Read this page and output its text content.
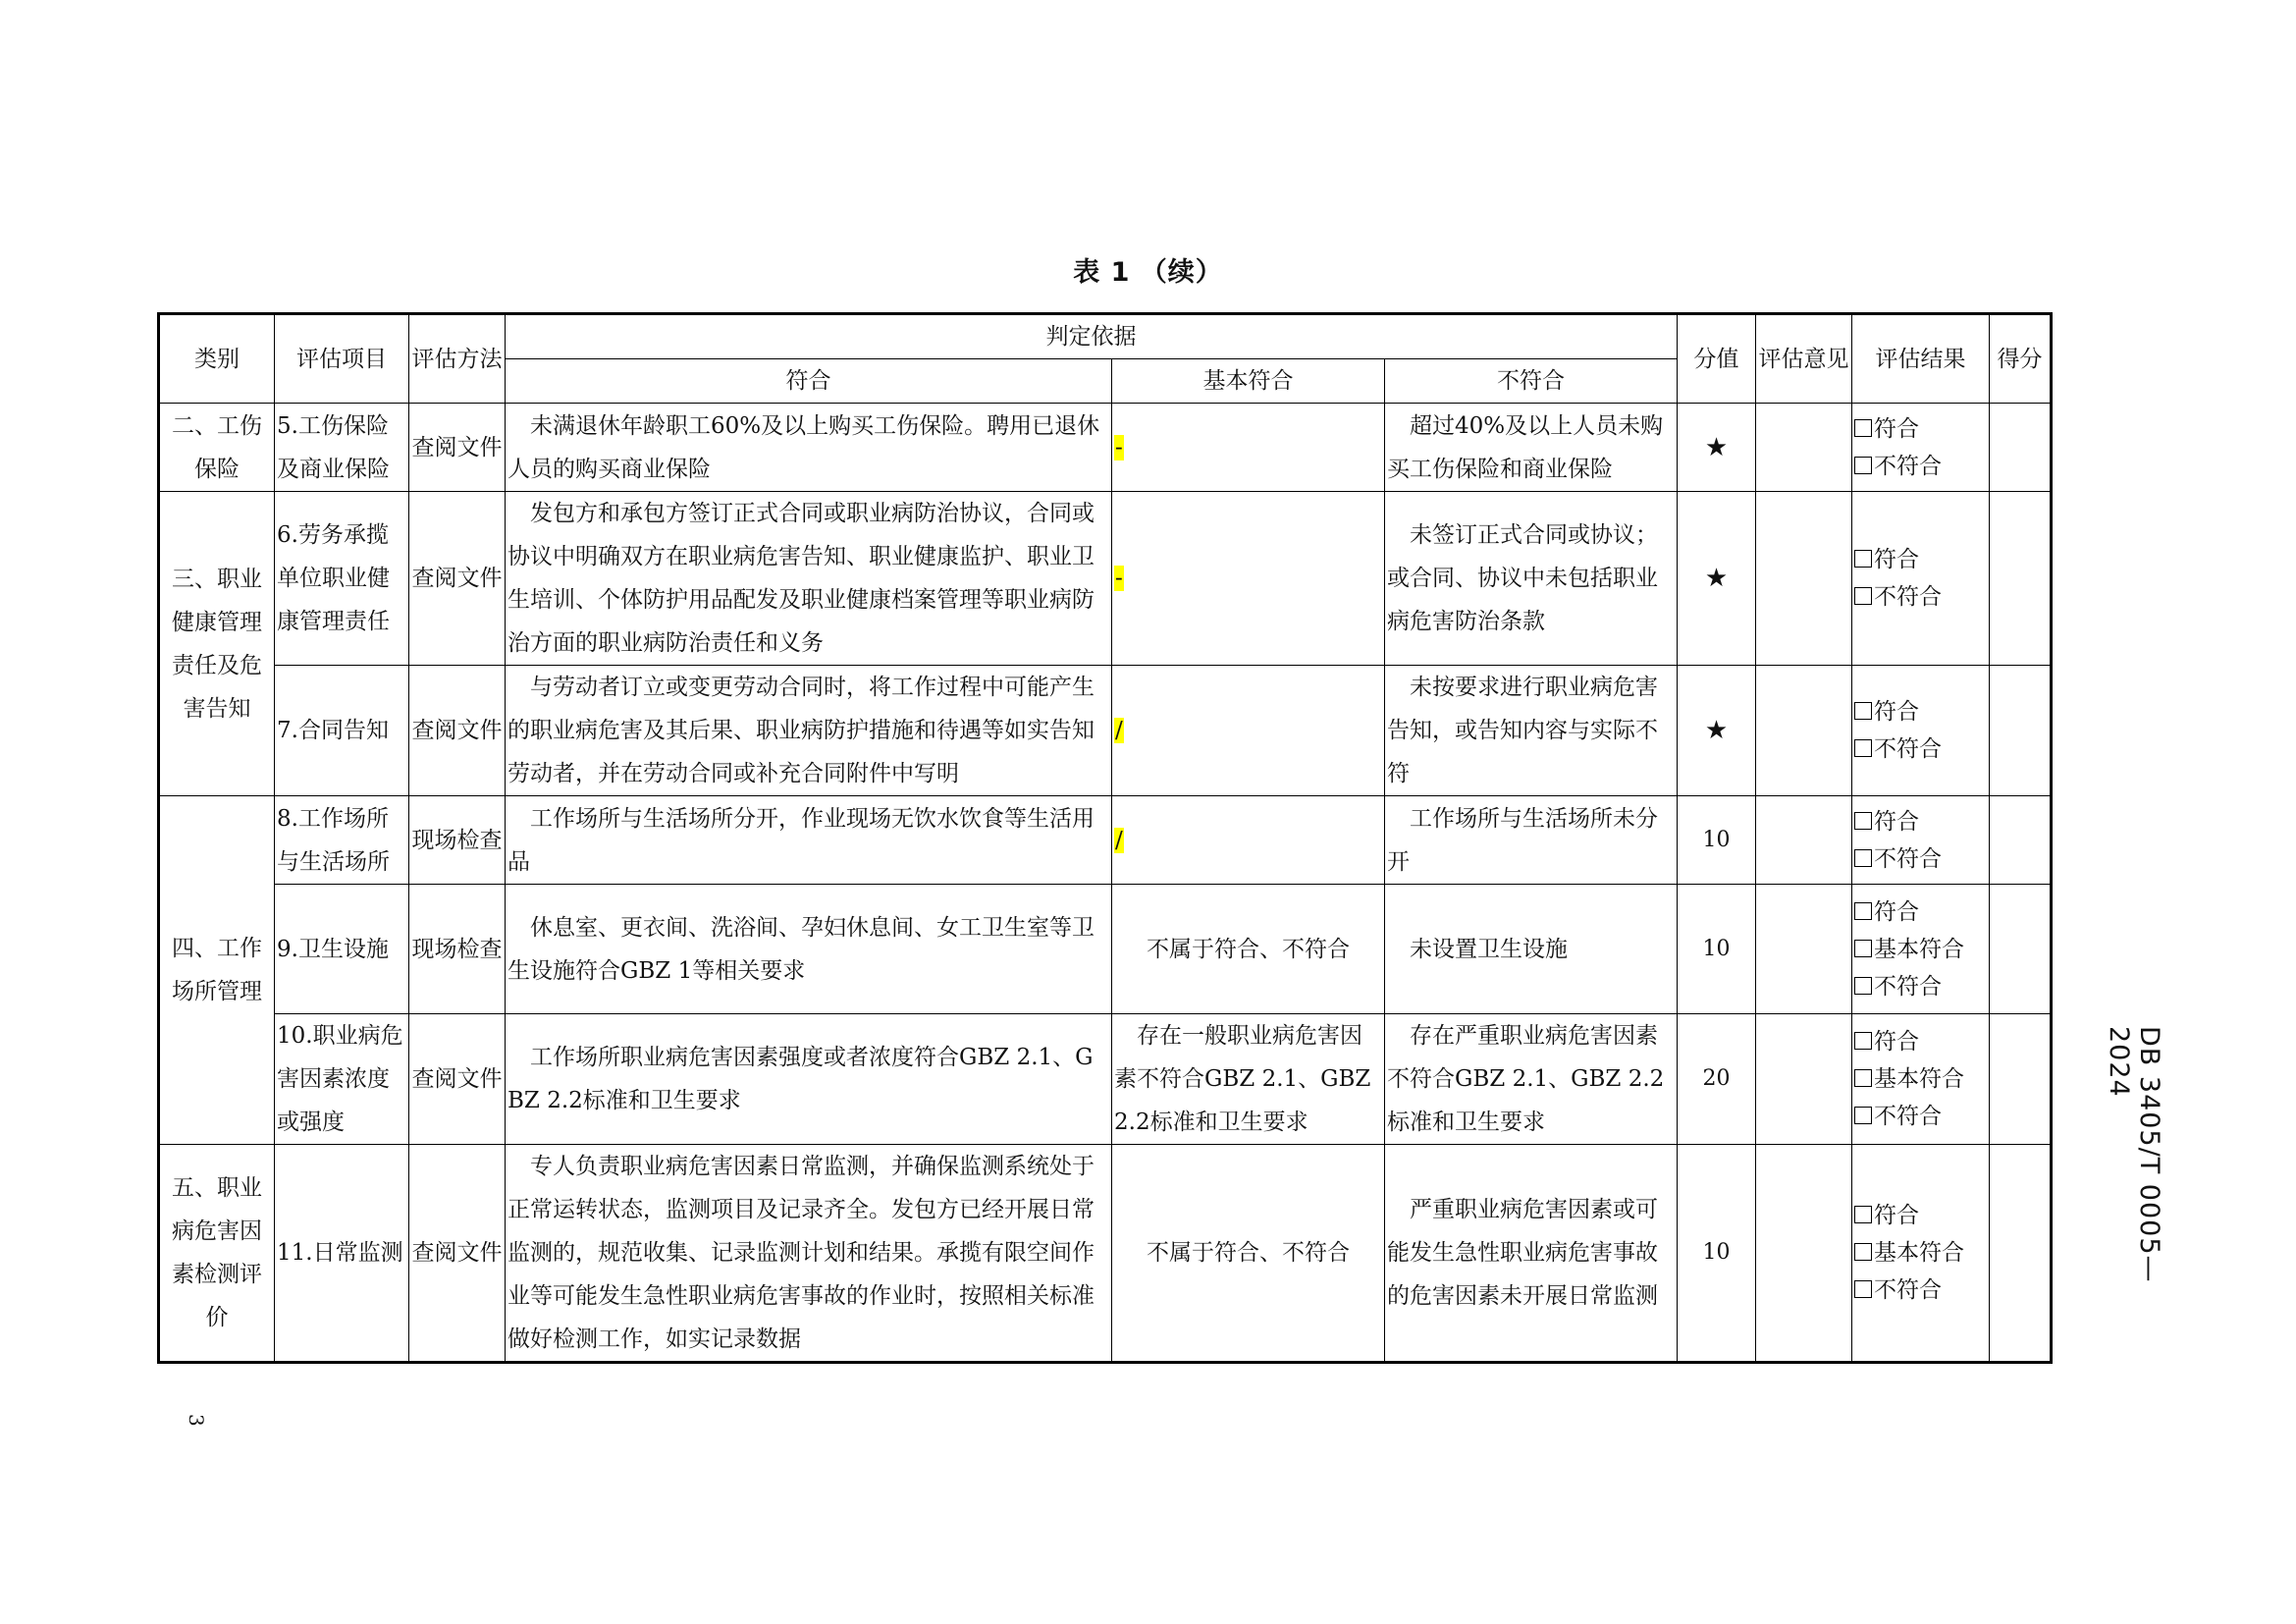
表 1 （续）
类别	评估项目	评估方法	判定依据			分值	评估意见	评估结果	得分
			符合	基本符合	不符合				
二、工伤保险	5.工伤保险及商业保险	查阅文件	未满退休年龄职工60%及以上购买工伤保险。聘用已退休人员的购买商业保险	-	超过40%及以上人员未购买工伤保险和商业保险	★		符合
不符合	

三、职业健康管理责任及危害告知	6.劳务承揽单位职业健康管理责任	查阅文件	发包方和承包方签订正式合同或职业病防治协议，合同或协议中明确双方在职业病危害告知、职业健康监护、职业卫生培训、个体防护用品配发及职业健康档案管理等职业病防治方面的职业病防治责任和义务	-	未签订正式合同或协议；或合同、协议中未包括职业病危害防治条款	★		符合
不符合	

	7.合同告知	查阅文件	与劳动者订立或变更劳动合同时，将工作过程中可能产生的职业病危害及其后果、职业病防护措施和待遇等如实告知劳动者，并在劳动合同或补充合同附件中写明	/	未按要求进行职业病危害告知，或告知内容与实际不符	★		符合
不符合	

四、工作场所管理	8.工作场所与生活场所	现场检查	工作场所与生活场所分开，作业现场无饮水饮食等生活用品	/	工作场所与生活场所未分开	10		符合
不符合	

	9.卫生设施	现场检查	休息室、更衣间、洗浴间、孕妇休息间、女工卫生室等卫生设施符合GBZ 1等相关要求	不属于符合、不符合	未设置卫生设施	10		符合
基本符合
不符合	

	10.职业病危害因素浓度或强度	查阅文件	工作场所职业病危害因素强度或者浓度符合GBZ 2.1、GBZ 2.2标准和卫生要求	存在一般职业病危害因素不符合GBZ 2.1、GBZ 2.2标准和卫生要求	存在严重职业病危害因素不符合GBZ 2.1、GBZ 2.2标准和卫生要求	20		符合
基本符合
不符合	

五、职业病危害因素检测评价	11.日常监测	查阅文件	专人负责职业病危害因素日常监测，并确保监测系统处于正常运转状态，监测项目及记录齐全。发包方已经开展日常监测的，规范收集、记录监测计划和结果。承揽有限空间作业等可能发生急性职业病危害事故的作业时，按照相关标准做好检测工作，如实记录数据	不属于符合、不符合	严重职业病危害因素或可能发生急性职业病危害事故的危害因素未开展日常监测	10		符合
基本符合
不符合	

DB 3405/T 0005—2024
3
